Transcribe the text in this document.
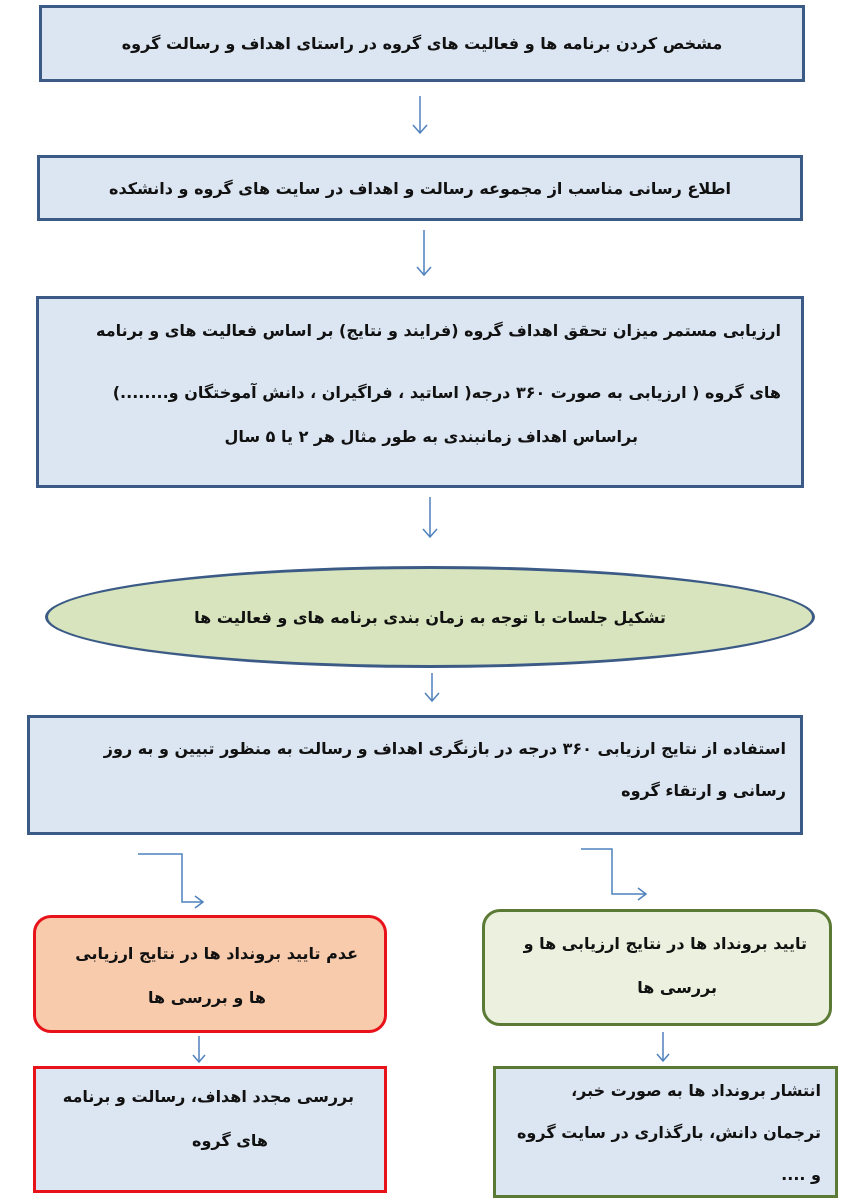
مشخص کردن برنامه ها و فعالیت های گروه در راستای اهداف و رسالت گروه
اطلاع رسانی مناسب از مجموعه رسالت و اهداف در سایت های گروه و دانشکده
ارزیابی مستمر میزان تحقق اهداف گروه (فرایند و نتایج) بر اساس فعالیت های و برنامه
های گروه ( ارزیابی به صورت ۳۶۰ درجه( اساتید ، فراگیران ، دانش آموختگان و........)
براساس اهداف زمانبندی به طور مثال هر ۲ یا ۵ سال
تشکیل جلسات با توجه به زمان بندی برنامه های و فعالیت ها
استفاده از نتایج ارزیابی ۳۶۰ درجه در بازنگری اهداف و رسالت به منظور تبیین و به روز
رسانی و ارتقاء گروه
عدم تایید برونداد ها در نتایج ارزیابی
ها و بررسی ها
بررسی مجدد اهداف، رسالت و برنامه
های گروه
تایید برونداد ها در نتایج ارزیابی ها و
بررسی ها
انتشار برونداد ها به صورت خبر،
ترجمان دانش، بارگذاری در سایت گروه
و ....
